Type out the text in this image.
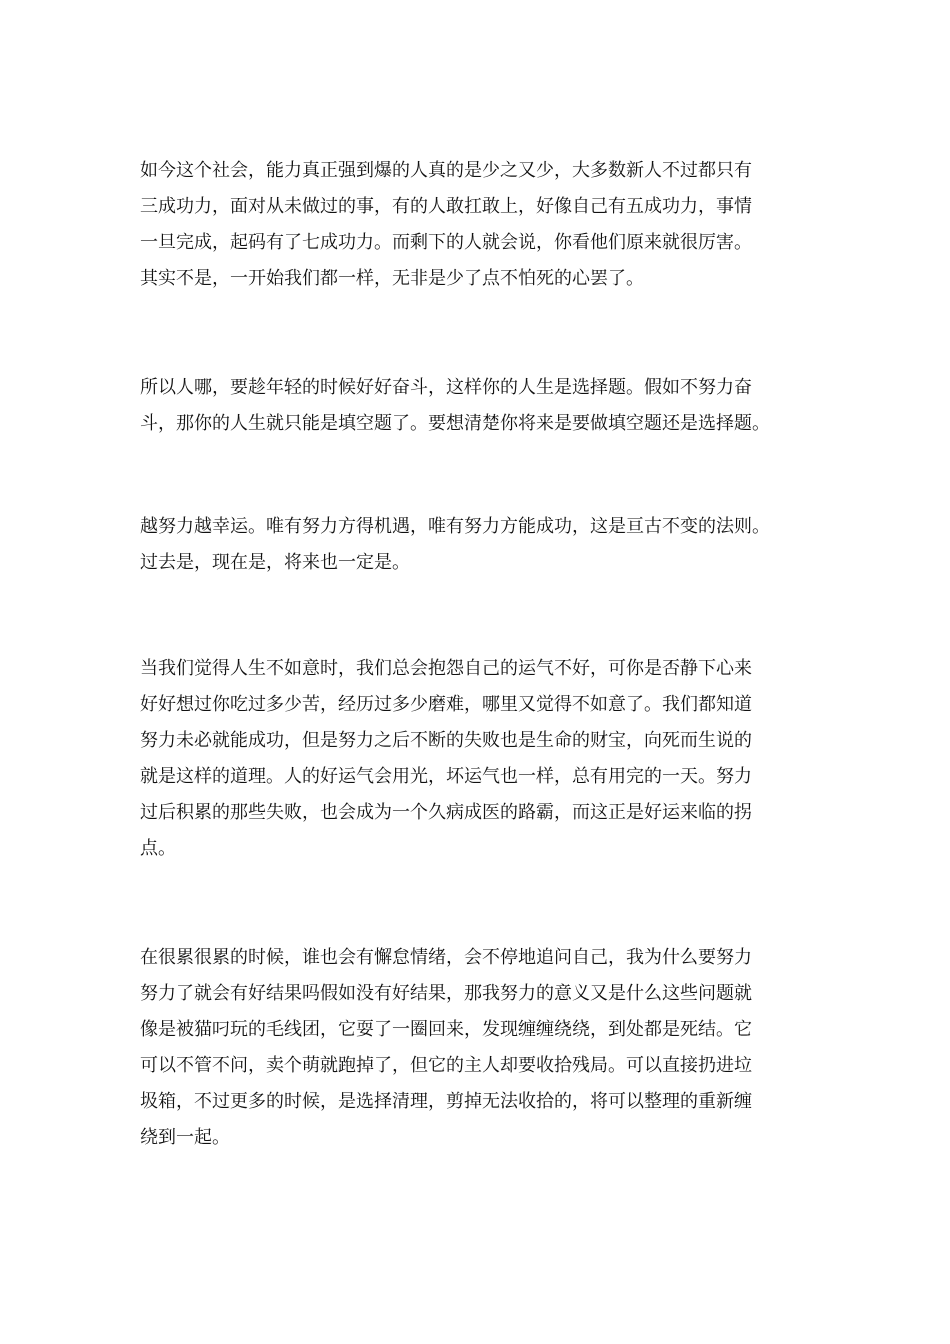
如今这个社会，能力真正强到爆的人真的是少之又少，大多数新人不过都只有
三成功力，面对从未做过的事，有的人敢扛敢上，好像自己有五成功力，事情
一旦完成，起码有了七成功力。而剩下的人就会说，你看他们原来就很厉害。
其实不是，一开始我们都一样，无非是少了点不怕死的心罢了。
所以人哪，要趁年轻的时候好好奋斗，这样你的人生是选择题。假如不努力奋
斗，那你的人生就只能是填空题了。要想清楚你将来是要做填空题还是选择题。
越努力越幸运。唯有努力方得机遇，唯有努力方能成功，这是亘古不变的法则。
过去是，现在是，将来也一定是。
当我们觉得人生不如意时，我们总会抱怨自己的运气不好，可你是否静下心来
好好想过你吃过多少苦，经历过多少磨难，哪里又觉得不如意了。我们都知道
努力未必就能成功，但是努力之后不断的失败也是生命的财宝，向死而生说的
就是这样的道理。人的好运气会用光，坏运气也一样，总有用完的一天。努力
过后积累的那些失败，也会成为一个久病成医的路霸，而这正是好运来临的拐
点。
在很累很累的时候，谁也会有懈怠情绪，会不停地追问自己，我为什么要努力
努力了就会有好结果吗假如没有好结果，那我努力的意义又是什么这些问题就
像是被猫叼玩的毛线团，它耍了一圈回来，发现缠缠绕绕，到处都是死结。它
可以不管不问，卖个萌就跑掉了，但它的主人却要收拾残局。可以直接扔进垃
圾箱，不过更多的时候，是选择清理，剪掉无法收拾的，将可以整理的重新缠
绕到一起。
